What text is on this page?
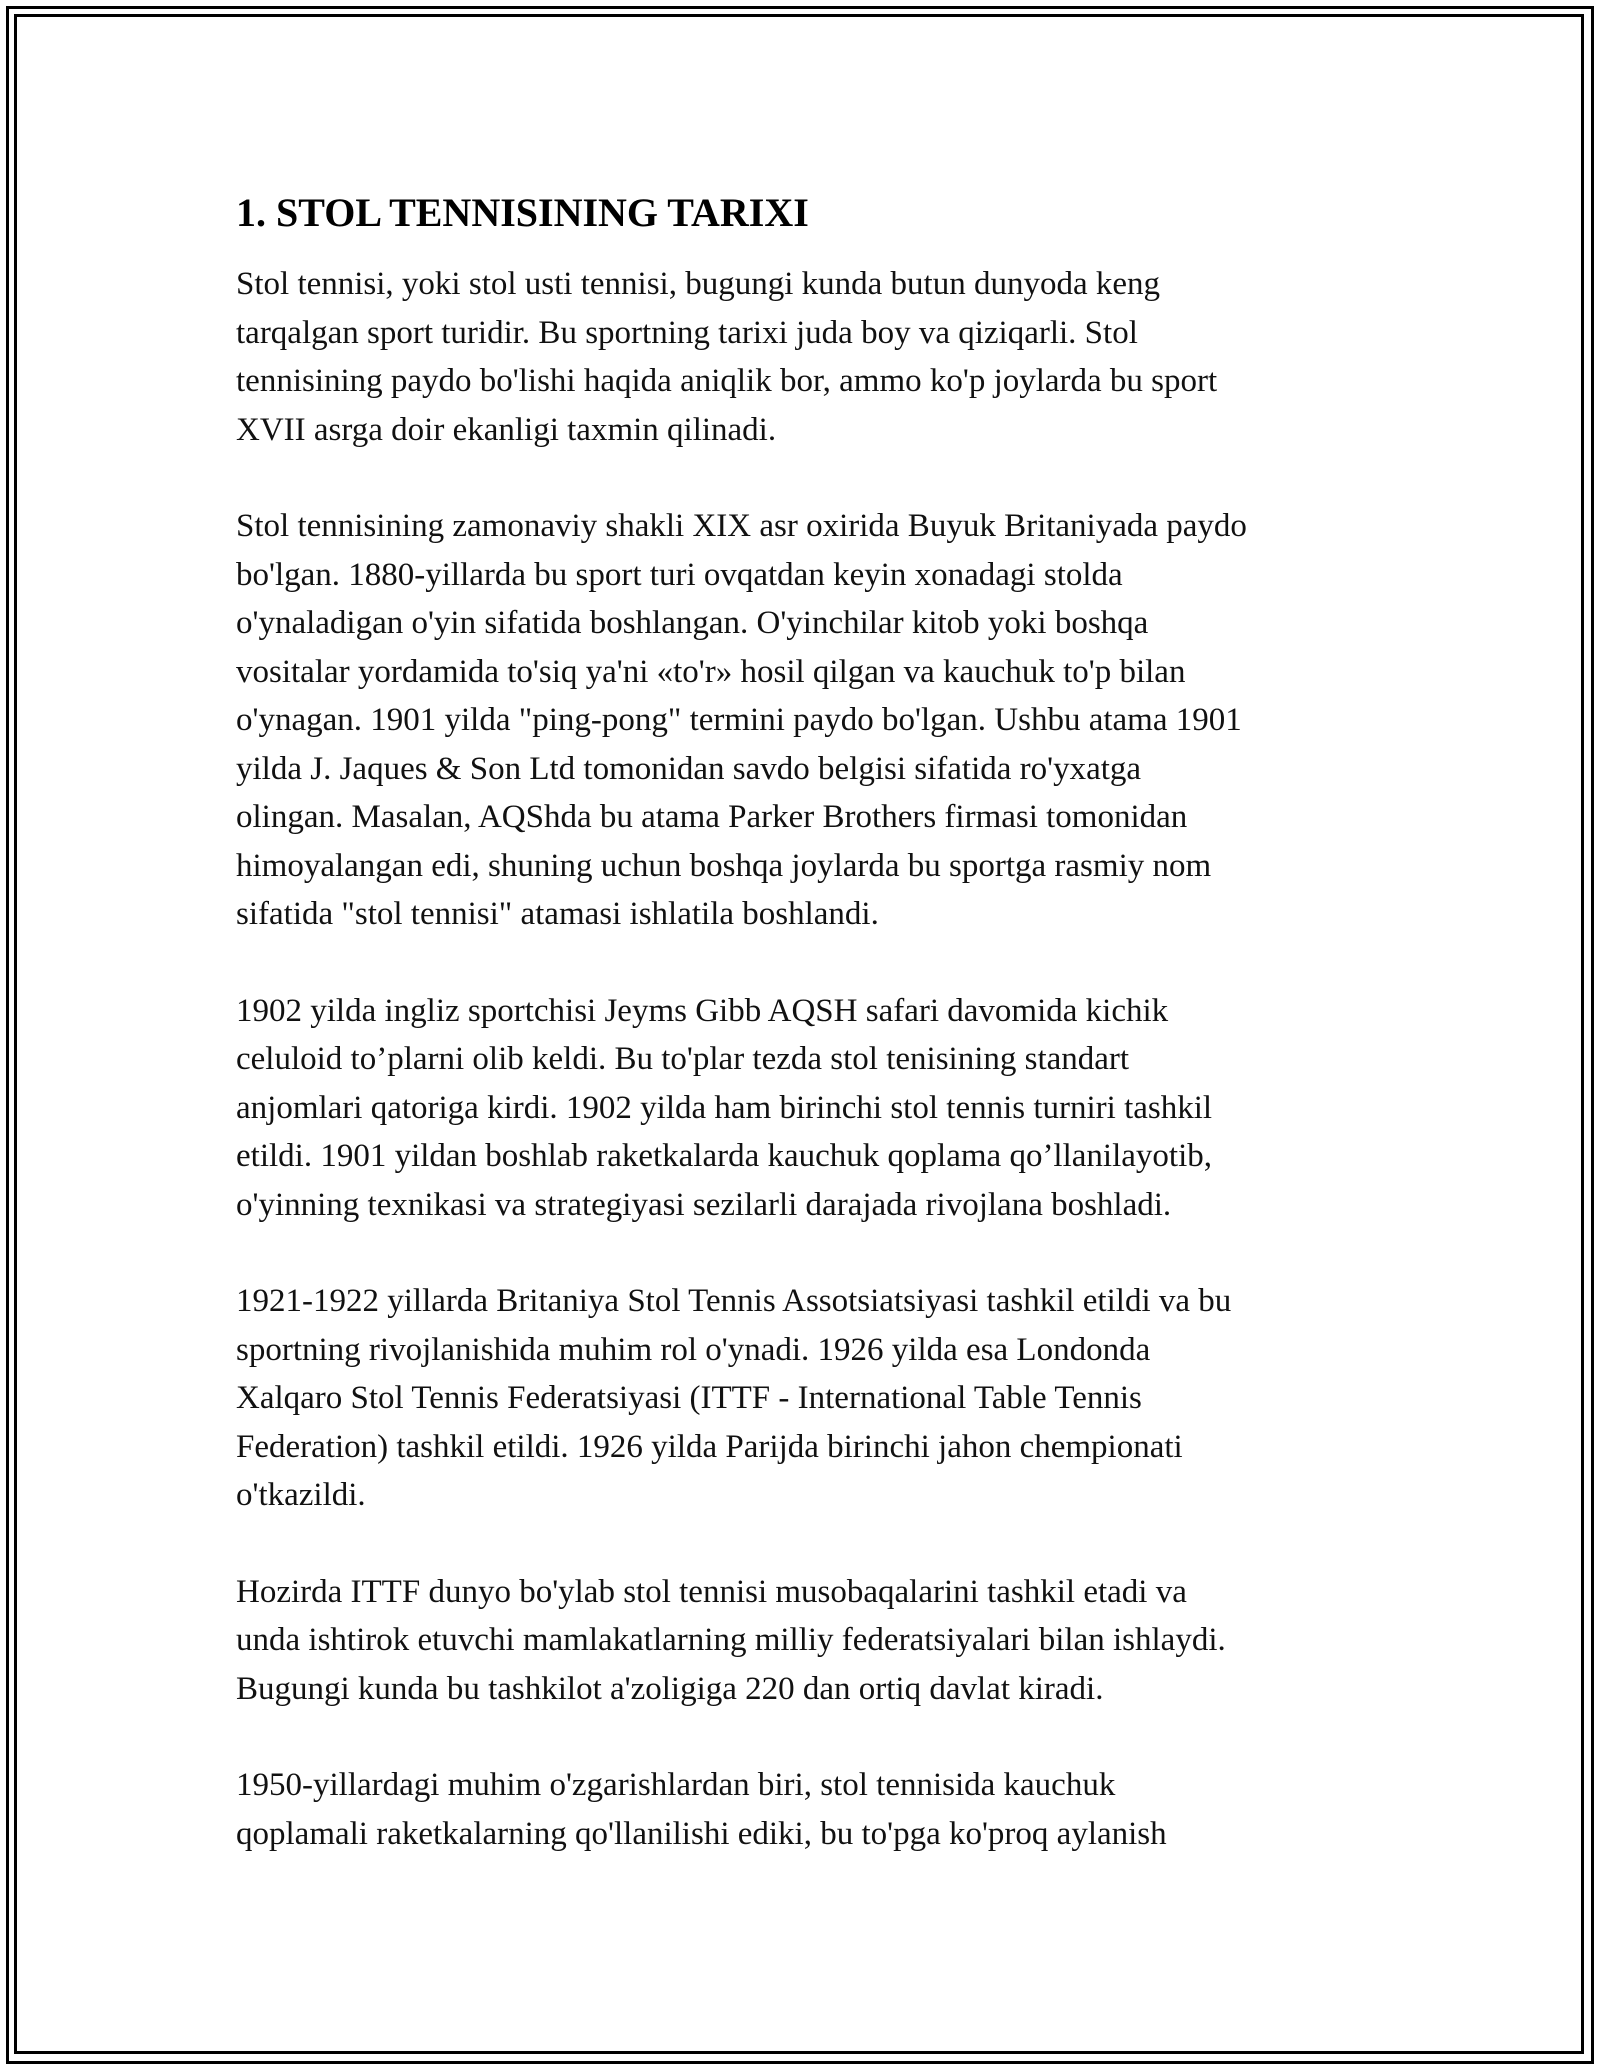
1. STOL TENNISINING TARIXI
Stol tennisi, yoki stol usti tennisi, bugungi kunda butun dunyoda keng
tarqalgan sport turidir. Bu sportning tarixi juda boy va qiziqarli. Stol
tennisining paydo bo'lishi haqida aniqlik bor, ammo ko'p joylarda bu sport
XVII asrga doir ekanligi taxmin qilinadi.
Stol tennisining zamonaviy shakli XIX asr oxirida Buyuk Britaniyada paydo
bo'lgan. 1880-yillarda bu sport turi ovqatdan keyin xonadagi stolda
o'ynaladigan o'yin sifatida boshlangan. O'yinchilar kitob yoki boshqa
vositalar yordamida to'siq ya'ni «to'r» hosil qilgan va kauchuk to'p bilan
o'ynagan. 1901 yilda "ping-pong" termini paydo bo'lgan. Ushbu atama 1901
yilda J. Jaques & Son Ltd tomonidan savdo belgisi sifatida ro'yxatga
olingan. Masalan, AQShda bu atama Parker Brothers firmasi tomonidan
himoyalangan edi, shuning uchun boshqa joylarda bu sportga rasmiy nom
sifatida "stol tennisi" atamasi ishlatila boshlandi.
1902 yilda ingliz sportchisi Jeyms Gibb AQSH safari davomida kichik
celuloid to’plarni olib keldi. Bu to'plar tezda stol tenisining standart
anjomlari qatoriga kirdi. 1902 yilda ham birinchi stol tennis turniri tashkil
etildi. 1901 yildan boshlab raketkalarda kauchuk qoplama qo’llanilayotib,
o'yinning texnikasi va strategiyasi sezilarli darajada rivojlana boshladi.
1921-1922 yillarda Britaniya Stol Tennis Assotsiatsiyasi tashkil etildi va bu
sportning rivojlanishida muhim rol o'ynadi. 1926 yilda esa Londonda
Xalqaro Stol Tennis Federatsiyasi (ITTF - International Table Tennis
Federation) tashkil etildi. 1926 yilda Parijda birinchi jahon chempionati
o'tkazildi.
Hozirda ITTF dunyo bo'ylab stol tennisi musobaqalarini tashkil etadi va
unda ishtirok etuvchi mamlakatlarning milliy federatsiyalari bilan ishlaydi.
Bugungi kunda bu tashkilot a'zoligiga 220 dan ortiq davlat kiradi.
1950-yillardagi muhim o'zgarishlardan biri, stol tennisida kauchuk
qoplamali raketkalarning qo'llanilishi ediki, bu to'pga ko'proq aylanish
